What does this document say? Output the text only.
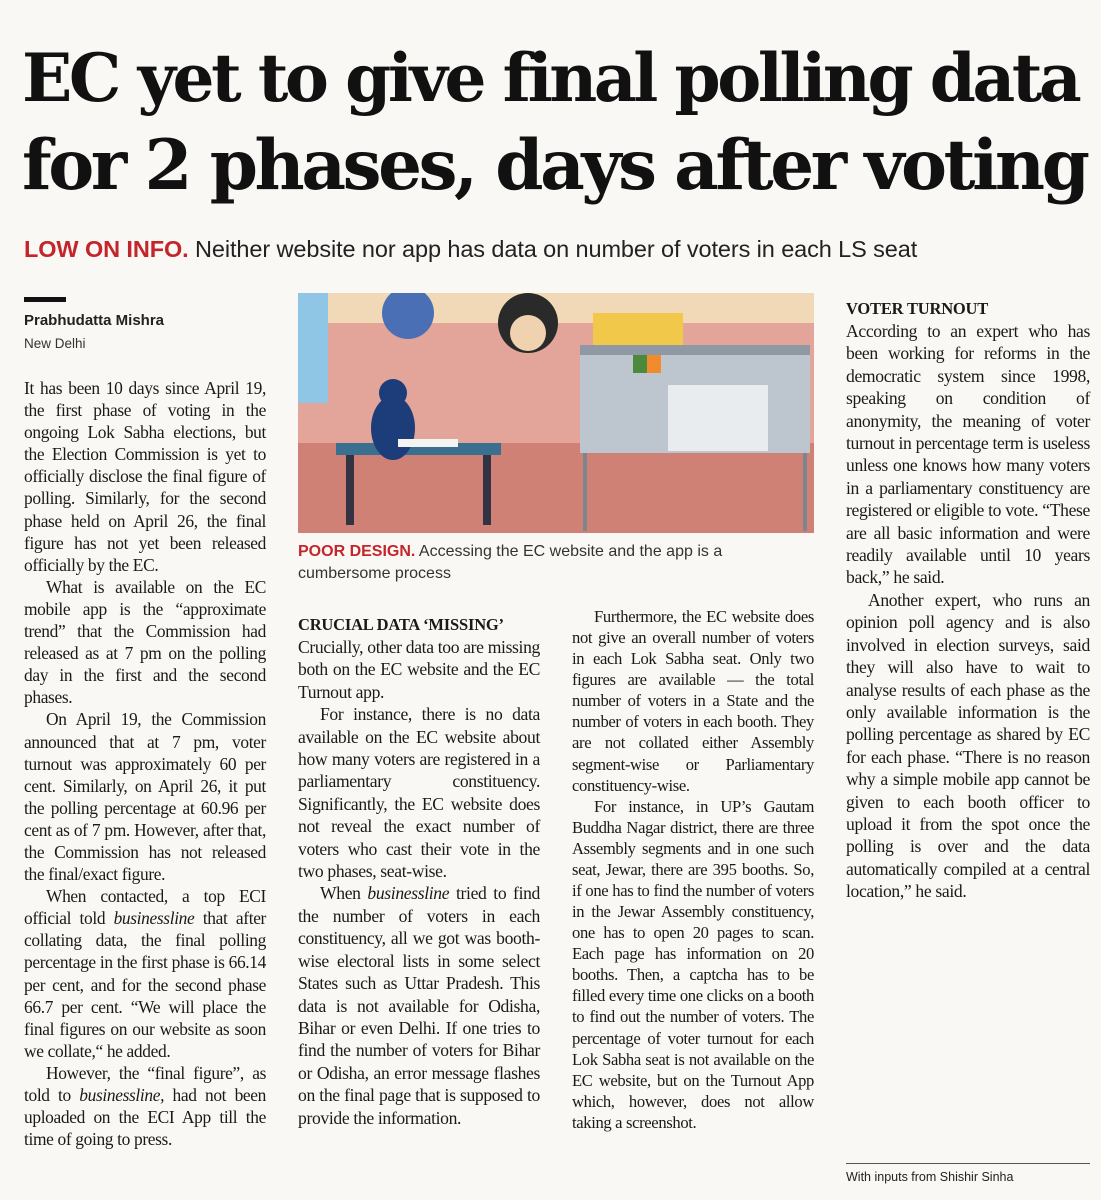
EC yet to give final polling data
for 2 phases, days after voting
LOW ON INFO. Neither website nor app has data on number of voters in each LS seat
Prabhudatta Mishra
New Delhi

It has been 10 days since April 19, the first phase of voting in the ongoing Lok Sabha elections, but the Election Commission is yet to officially disclose the final figure of polling. Similarly, for the second phase held on April 26, the final figure has not yet been released officially by the EC.

What is available on the EC mobile app is the “approximate trend” that the Commission had released as at 7 pm on the polling day in the first and the second phases.

On April 19, the Commission announced that at 7 pm, voter turnout was approximately 60 per cent. Similarly, on April 26, it put the polling percentage at 60.96 per cent as of 7 pm. However, after that, the Commission has not released the final/exact figure.

When contacted, a top ECI official told businessline that after collating data, the final polling percentage in the first phase is 66.14 per cent, and for the second phase 66.7 per cent. “We will place the final figures on our website as soon we collate,“ he added.

However, the “final figure”, as told to businessline, had not been uploaded on the ECI App till the time of going to press.

POOR DESIGN. Accessing the EC website and the app is a cumbersome process
CRUCIAL DATA ‘MISSING’

Crucially, other data too are missing both on the EC website and the EC Turnout app.

For instance, there is no data available on the EC website about how many voters are registered in a parliamentary constituency. Significantly, the EC website does not reveal the exact number of voters who cast their vote in the two phases, seat-wise.

When businessline tried to find the number of voters in each constituency, all we got was booth-wise electoral lists in some select States such as Uttar Pradesh. This data is not available for Odisha, Bihar or even Delhi. If one tries to find the number of voters for Bihar or Odisha, an error message flashes on the final page that is supposed to provide the information.

Furthermore, the EC website does not give an overall number of voters in each Lok Sabha seat. Only two figures are available — the total number of voters in a State and the number of voters in each booth. They are not collated either Assembly segment-wise or Parliamentary constituency-wise.

For instance, in UP’s Gautam Buddha Nagar district, there are three Assembly segments and in one such seat, Jewar, there are 395 booths. So, if one has to find the number of voters in the Jewar Assembly constituency, one has to open 20 pages to scan. Each page has information on 20 booths. Then, a captcha has to be filled every time one clicks on a booth to find out the number of voters. The percentage of voter turnout for each Lok Sabha seat is not available on the EC website, but on the Turnout App which, however, does not allow taking a screenshot.

VOTER TURNOUT

According to an expert who has been working for reforms in the democratic system since 1998, speaking on condition of anonymity, the meaning of voter turnout in percentage term is useless unless one knows how many voters in a parliamentary constituency are registered or eligible to vote. “These are all basic information and were readily available until 10 years back,” he said.

Another expert, who runs an opinion poll agency and is also involved in election surveys, said they will also have to wait to analyse results of each phase as the only available information is the polling percentage as shared by EC for each phase. “There is no reason why a simple mobile app cannot be given to each booth officer to upload it from the spot once the polling is over and the data automatically compiled at a central location,” he said.

With inputs from Shishir Sinha
